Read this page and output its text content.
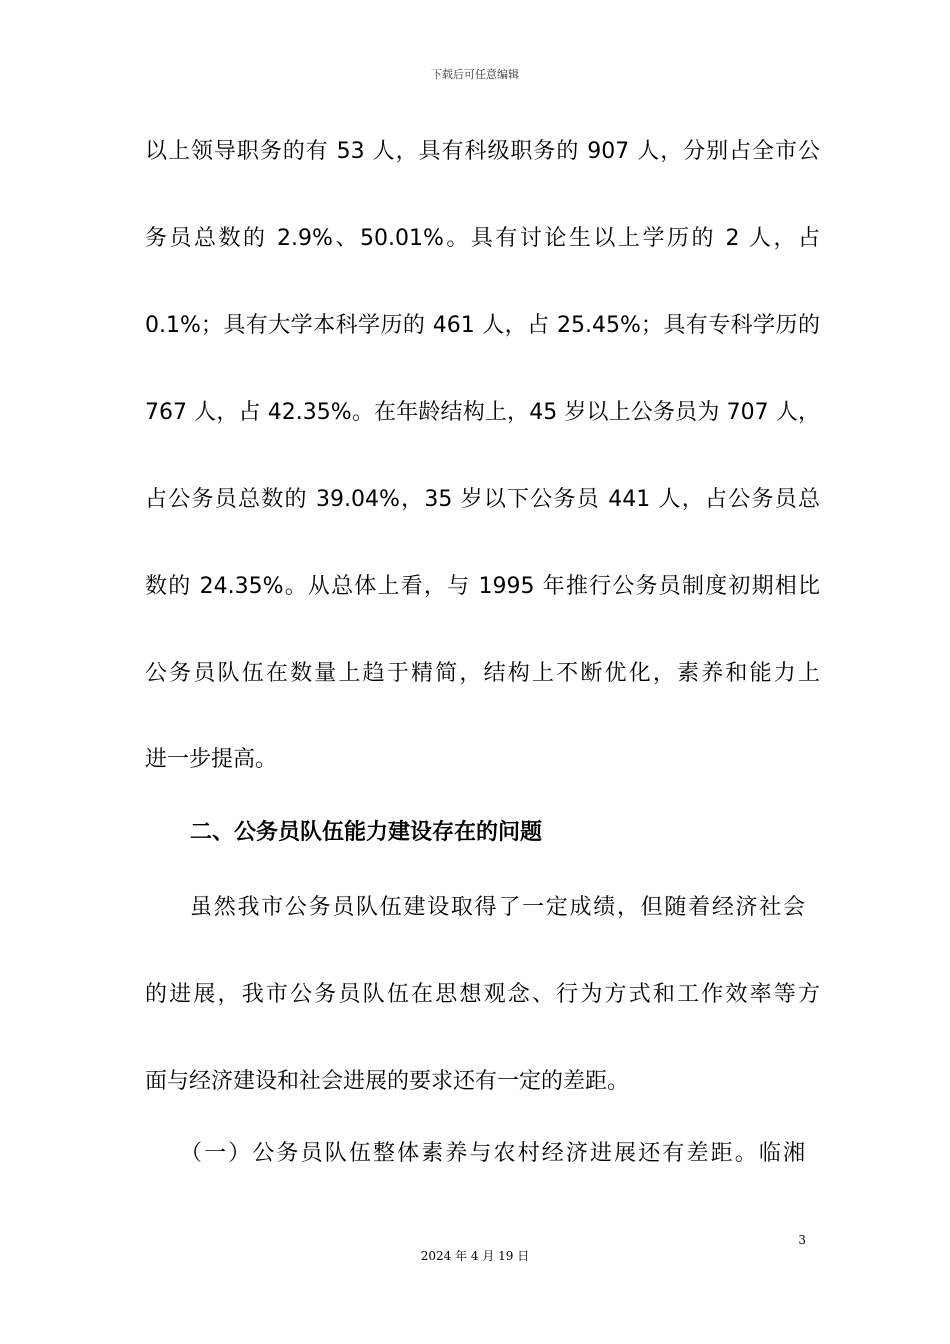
下载后可任意编辑
以上领导职务的有 53 人，具有科级职务的 907 人，分别占全市公
务员总数的 2.9%、50.01%。具有讨论生以上学历的 2 人，占
0.1%；具有大学本科学历的 461 人，占 25.45%；具有专科学历的
767 人，占 42.35%。在年龄结构上，45 岁以上公务员为 707 人，
占公务员总数的 39.04%，35 岁以下公务员 441 人，占公务员总
数的 24.35%。从总体上看，与 1995 年推行公务员制度初期相比
公务员队伍在数量上趋于精简，结构上不断优化，素养和能力上
进一步提高。
二、公务员队伍能力建设存在的问题
虽然我市公务员队伍建设取得了一定成绩，但随着经济社会
的进展，我市公务员队伍在思想观念、行为方式和工作效率等方
面与经济建设和社会进展的要求还有一定的差距。
（一）公务员队伍整体素养与农村经济进展还有差距。临湘
3
2024 年 4 月 19 日
